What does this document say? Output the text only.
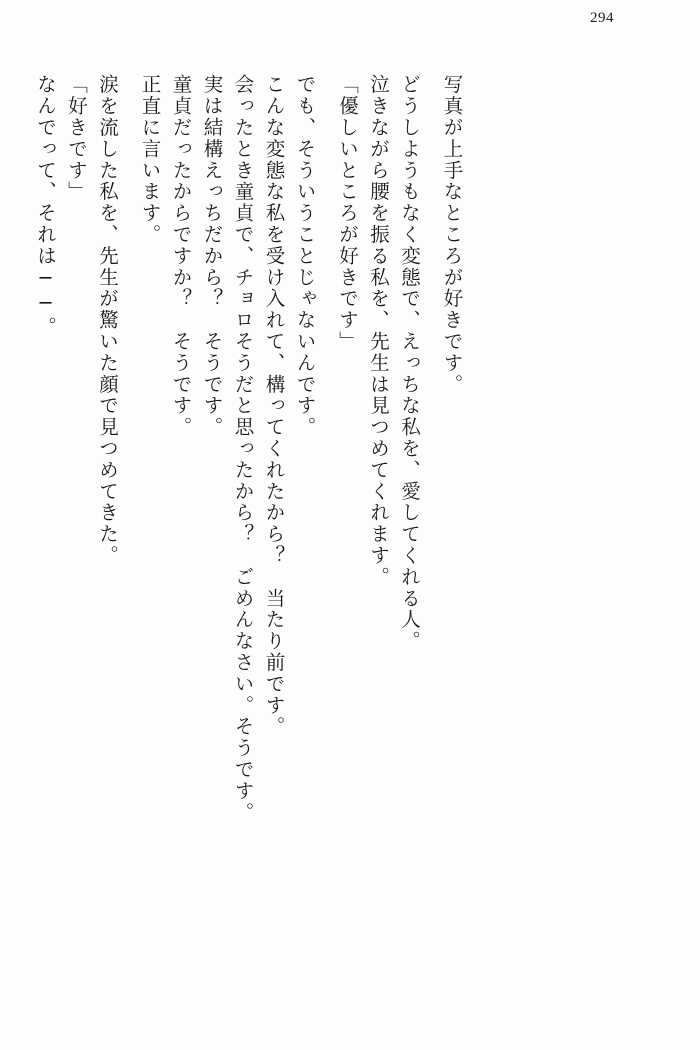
294
なんでって、それは──。 「好きです」 涙を流した私を、先生が驚いた顔で見つめてきた。 正直に言います。 童貞だったからですか？　そうです。 実は結構えっちだから？　そうです。 会ったとき童貞で、チョロそうだと思ったから？　ごめんなさい。そうです。 こんな変態な私を受け入れて、構ってくれたから？　当たり前です。 でも、そういうことじゃないんです。 「優しいところが好きです」 泣きながら腰を振る私を、先生は見つめてくれます。 どうしようもなく変態で、えっちな私を、愛してくれる人。 写真が上手なところが好きです。
